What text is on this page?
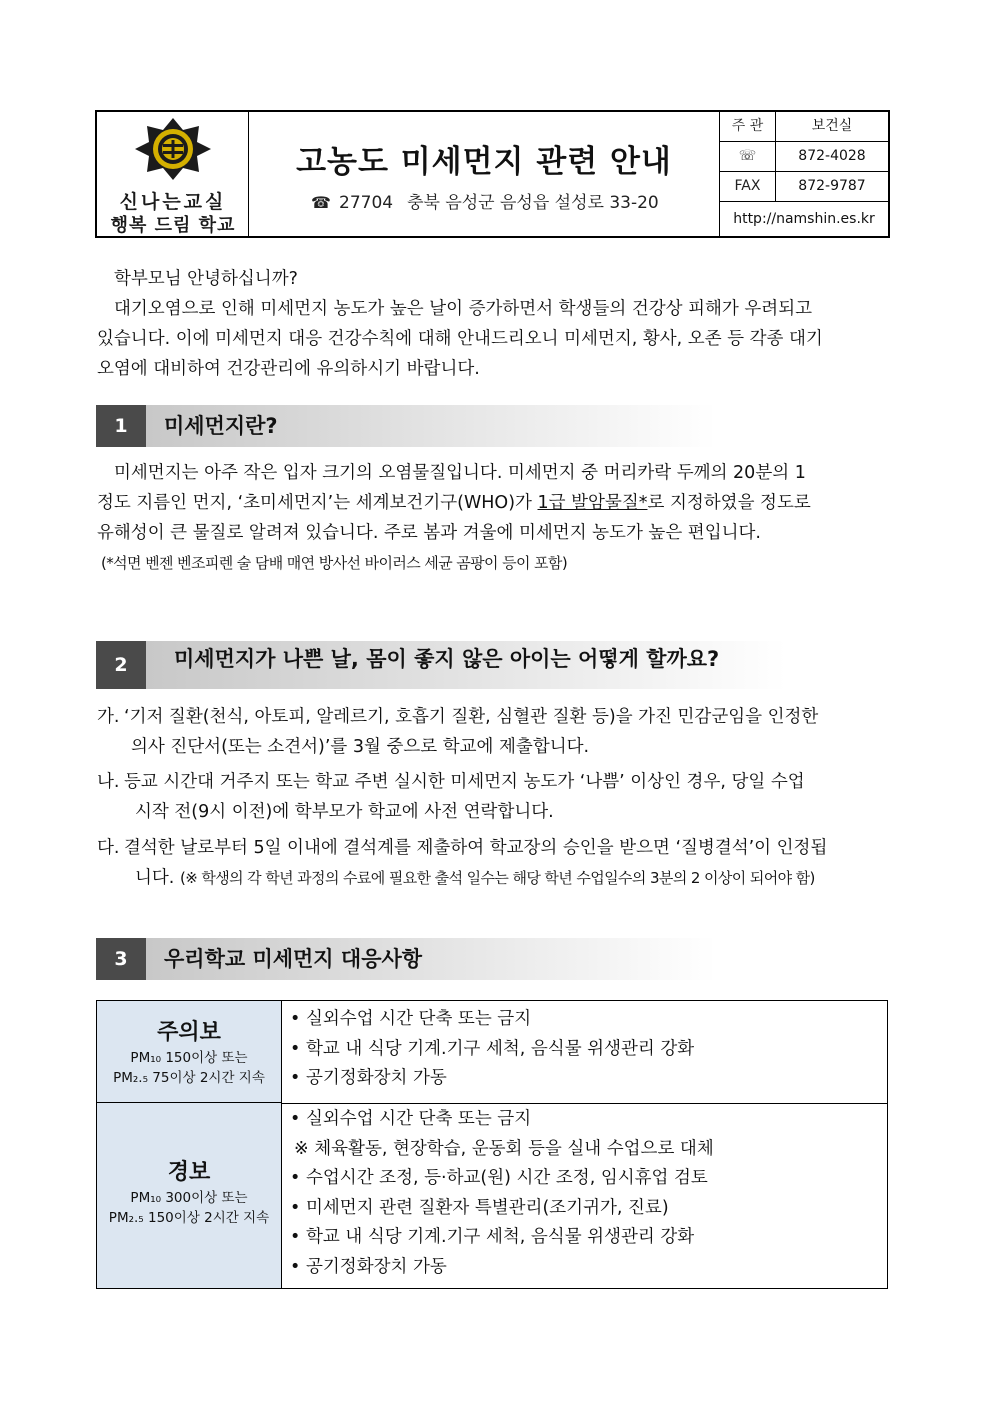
신나는교실
행복 드림 학교
고농도 미세먼지 관련 안내
☎ 27704 충북 음성군 음성읍 설성로 33-20
주 관	보건실
☏	872-4028
FAX	872-9787
http://namshin.es.kr
학부모님 안녕하십니까?
대기오염으로 인해 미세먼지 농도가 높은 날이 증가하면서 학생들의 건강상 피해가 우려되고
있습니다. 이에 미세먼지 대응 건강수칙에 대해 안내드리오니 미세먼지, 황사, 오존 등 각종 대기
오염에 대비하여 건강관리에 유의하시기 바랍니다.
1	미세먼지란?
미세먼지는 아주 작은 입자 크기의 오염물질입니다. 미세먼지 중 머리카락 두께의 20분의 1
정도 지름인 먼지, ‘초미세먼지’는 세계보건기구(WHO)가 1급 발암물질*로 지정하였을 정도로
유해성이 큰 물질로 알려져 있습니다. 주로 봄과 겨울에 미세먼지 농도가 높은 편입니다.
(*석면 벤젠 벤조피렌 술 담배 매연 방사선 바이러스 세균 곰팡이 등이 포함)
2	미세먼지가 나쁜 날, 몸이 좋지 않은 아이는 어떻게 할까요?
가. ‘기저 질환(천식, 아토피, 알레르기, 호흡기 질환, 심혈관 질환 등)을 가진 민감군임을 인정한
의사 진단서(또는 소견서)’를 3월 중으로 학교에 제출합니다.
나. 등교 시간대 거주지 또는 학교 주변 실시한 미세먼지 농도가 ‘나쁨’ 이상인 경우, 당일 수업
시작 전(9시 이전)에 학부모가 학교에 사전 연락합니다.
다. 결석한 날로부터 5일 이내에 결석계를 제출하여 학교장의 승인을 받으면 ‘질병결석’이 인정됩
니다. (※ 학생의 각 학년 과정의 수료에 필요한 출석 일수는 해당 학년 수업일수의 3분의 2 이상이 되어야 함)
3	우리학교 미세먼지 대응사항
주의보
PM₁₀ 150이상 또는
PM₂.₅ 75이상 2시간 지속
• 실외수업 시간 단축 또는 금지
• 학교 내 식당 기계.기구 세척, 음식물 위생관리 강화
• 공기정화장치 가동
경보
PM₁₀ 300이상 또는
PM₂.₅ 150이상 2시간 지속
• 실외수업 시간 단축 또는 금지
※ 체육활동, 현장학습, 운동회 등을 실내 수업으로 대체
• 수업시간 조정, 등·하교(원) 시간 조정, 임시휴업 검토
• 미세먼지 관련 질환자 특별관리(조기귀가, 진료)
• 학교 내 식당 기계.기구 세척, 음식물 위생관리 강화
• 공기정화장치 가동
